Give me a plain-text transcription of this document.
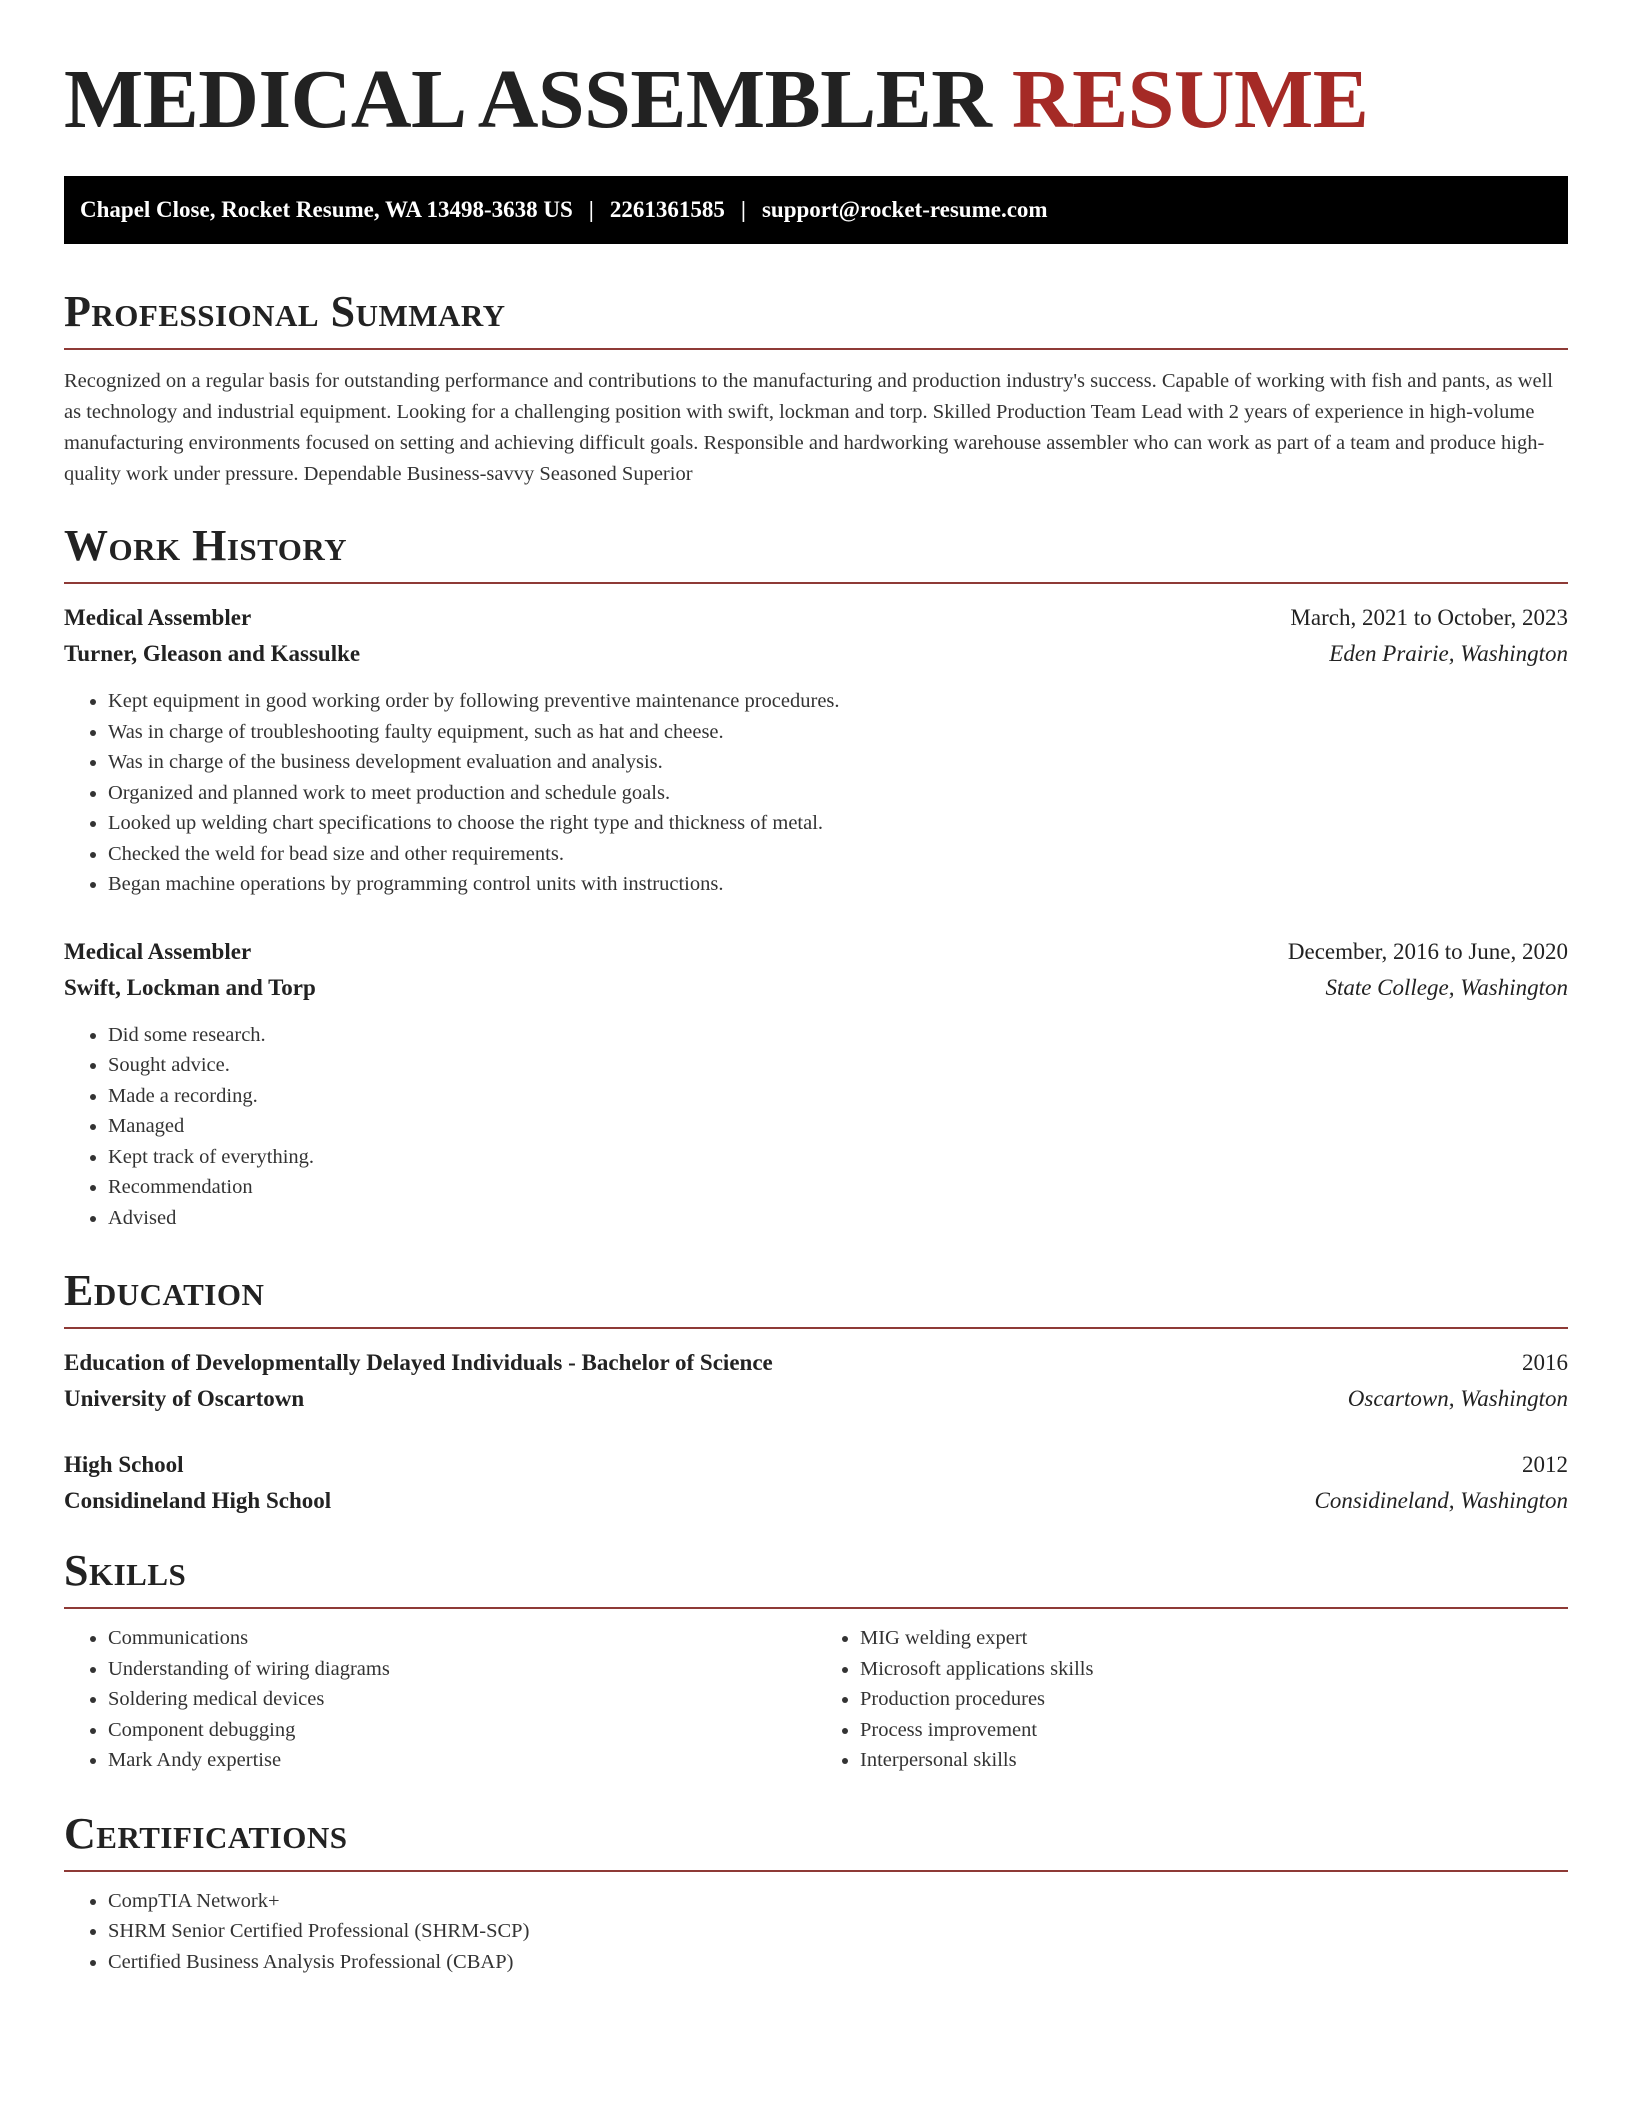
MEDICAL ASSEMBLER RESUME
Chapel Close, Rocket Resume, WA 13498-3638 US | 2261361585 | support@rocket-resume.com
Professional Summary

Recognized on a regular basis for outstanding performance and contributions to the manufacturing and production industry's success. Capable of working with fish and pants, as well as technology and industrial equipment. Looking for a challenging position with swift, lockman and torp. Skilled Production Team Lead with 2 years of experience in high-volume manufacturing environments focused on setting and achieving difficult goals. Responsible and hardworking warehouse assembler who can work as part of a team and produce high-quality work under pressure. Dependable Business-savvy Seasoned Superior

Work History
Medical Assembler	March, 2021 to October, 2023
Turner, Gleason and Kassulke	Eden Prairie, Washington
• Kept equipment in good working order by following preventive maintenance procedures.
• Was in charge of troubleshooting faulty equipment, such as hat and cheese.
• Was in charge of the business development evaluation and analysis.
• Organized and planned work to meet production and schedule goals.
• Looked up welding chart specifications to choose the right type and thickness of metal.
• Checked the weld for bead size and other requirements.
• Began machine operations by programming control units with instructions.
Medical Assembler	December, 2016 to June, 2020
Swift, Lockman and Torp	State College, Washington
• Did some research.
• Sought advice.
• Made a recording.
• Managed
• Kept track of everything.
• Recommendation
• Advised
Education
Education of Developmentally Delayed Individuals - Bachelor of Science	2016
University of Oscartown	Oscartown, Washington
High School	2012
Considineland High School	Considineland, Washington
Skills
• Communications
• Understanding of wiring diagrams
• Soldering medical devices
• Component debugging
• Mark Andy expertise
• MIG welding expert
• Microsoft applications skills
• Production procedures
• Process improvement
• Interpersonal skills
Certifications
• CompTIA Network+
• SHRM Senior Certified Professional (SHRM-SCP)
• Certified Business Analysis Professional (CBAP)
